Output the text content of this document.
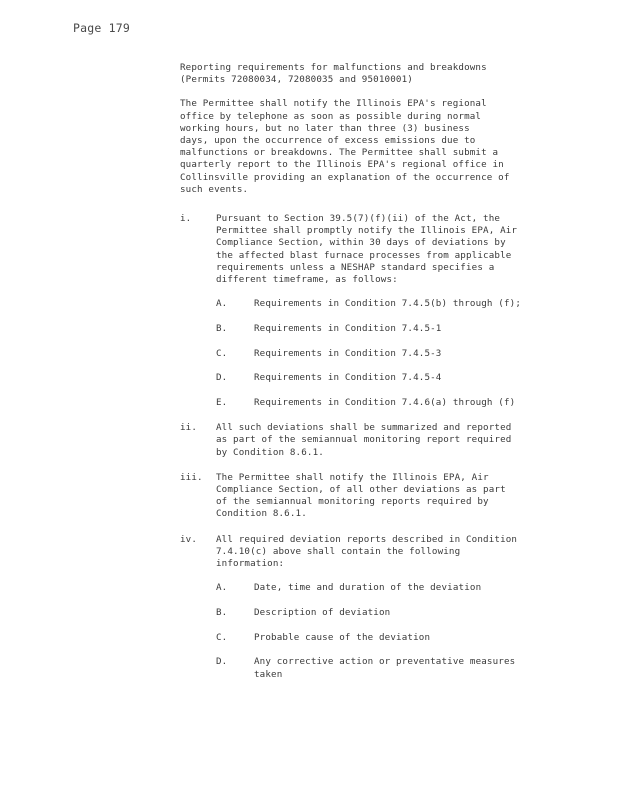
Page 179
Reporting requirements for malfunctions and breakdowns
(Permits 72080034, 72080035 and 95010001)
The Permittee shall notify the Illinois EPA's regional
office by telephone as soon as possible during normal
working hours, but no later than three (3) business
days, upon the occurrence of excess emissions due to
malfunctions or breakdowns. The Permittee shall submit a
quarterly report to the Illinois EPA's regional office in
Collinsville providing an explanation of the occurrence of
such events.
i.	Pursuant to Section 39.5(7)(f)(ii) of the Act, the
Permittee shall promptly notify the Illinois EPA, Air
Compliance Section, within 30 days of deviations by
the affected blast furnace processes from applicable
requirements unless a NESHAP standard specifies a
different timeframe, as follows:
A.	Requirements in Condition 7.4.5(b) through (f);
B.	Requirements in Condition 7.4.5-1
C.	Requirements in Condition 7.4.5-3
D.	Requirements in Condition 7.4.5-4
E.	Requirements in Condition 7.4.6(a) through (f)
ii. All such deviations shall be summarized and reported
as part of the semiannual monitoring report required
by Condition 8.6.1.
iii. The Permittee shall notify the Illinois EPA, Air
Compliance Section, of all other deviations as part
of the semiannual monitoring reports required by
Condition 8.6.1.
iv. All required deviation reports described in Condition
7.4.10(c) above shall contain the following
information:
A.	Date, time and duration of the deviation
B.	Description of deviation
C.	Probable cause of the deviation
D.	Any corrective action or preventative measures
taken
